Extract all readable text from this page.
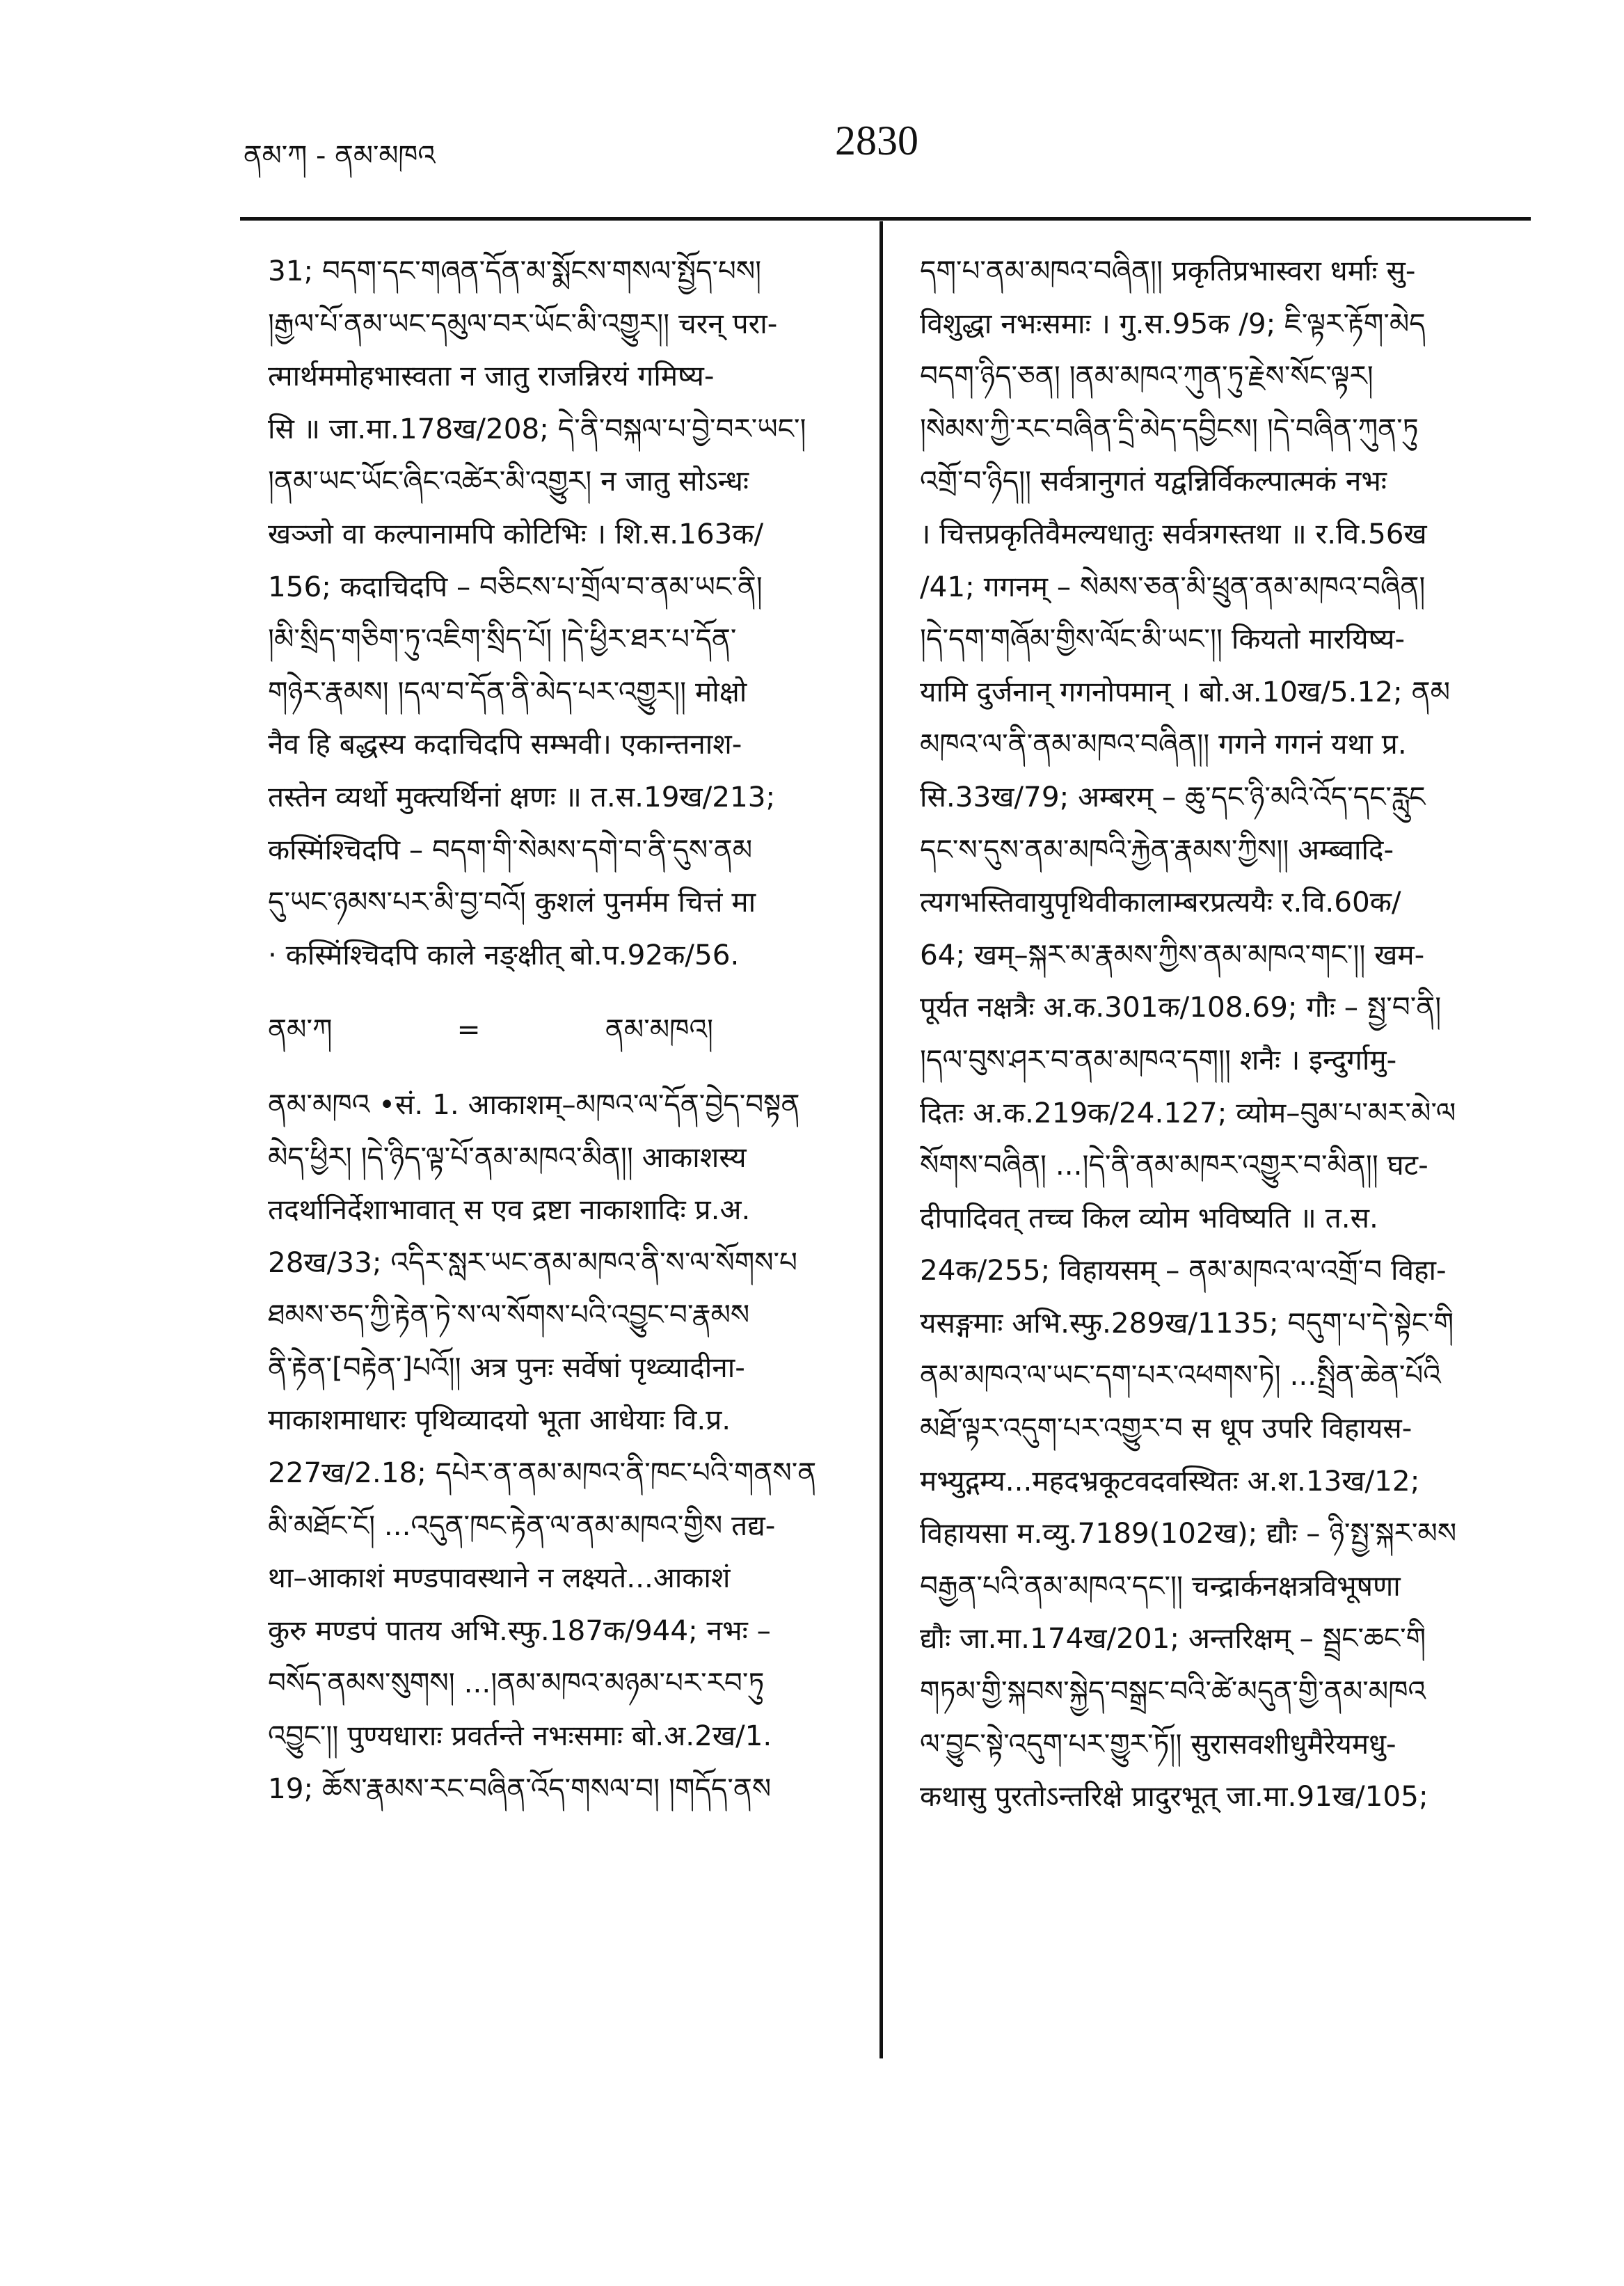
ནམ་ཀ - ནམ་མཁའ	2830
31; བདག་དང་གཞན་དོན་མ་སྨོངས་གསལ་སྤྱོད་པས།
།རྒྱལ་པོ་ནམ་ཡང་དམུལ་བར་ཡོང་མི་འགྱུར།། चरन् परा-
त्मार्थममोहभास्वता न जातु राजन्निरयं गमिष्य-
सि ॥ जा.मा.178ख/208; དེ་ནི་བསྐལ་པ་བྱེ་བར་ཡང་།
།ནམ་ཡང་ཡོང་ཞིང་འཚེར་མི་འགྱུར། न जातु सोऽन्धः
खञ्जो वा कल्पानामपि कोटिभिः । शि.स.163क/
156; कदाचिदपि – བཅིངས་པ་གྲོལ་བ་ནམ་ཡང་ནི།
།མི་སྲིད་གཅིག་ཏུ་འཇིག་སྲིད་པོ། །དེ་ཕྱིར་ཐར་པ་དོན་
གཉེར་རྣམས། །དལ་བ་དོན་ནི་མེད་པར་འགྱུར།། मोक्षो
नैव हि बद्धस्य कदाचिदपि सम्भवी। एकान्तनाश-
तस्तेन व्यर्थो मुक्त्यर्थिनां क्षणः ॥ त.स.19ख/213;
कस्मिंश्चिदपि – བདག་གི་སེམས་དགེ་བ་ནི་དུས་ནམ
དུ་ཡང་ཉམས་པར་མི་བྱ་བའོ། कुशलं पुनर्मम चित्तं मा
· कस्मिंश्चिदपि काले नङ्क्षीत् बो.प.92क/56.
ནམ་ཀ	=	ནམ་མཁའ།
ནམ་མཁའ •सं. 1. आकाशम्–མཁའ་ལ་དོན་བྱེད་བསྟན
མེད་ཕྱིར། །དེ་ཉིད་ལྟ་པོ་ནམ་མཁའ་མིན།། आकाशस्य
तदर्थानिर्देशाभावात् स एव द्रष्टा नाकाशादिः प्र.अ.
28ख/33; འདིར་སླར་ཡང་ནམ་མཁའ་ནི་ས་ལ་སོགས་པ
ཐམས་ཅད་ཀྱི་རྟེན་ཏེ་ས་ལ་སོགས་པའི་འབྱུང་བ་རྣམས
ནི་རྟེན་[བརྟེན་]པའོ།། अत्र पुनः सर्वेषां पृथ्व्यादीना-
माकाशमाधारः पृथिव्यादयो भूता आधेयाः वि.प्र.
227ख/2.18; དཔེར་ན་ནམ་མཁའ་ནི་ཁང་པའི་གནས་ན
མི་མཐོང་ངོ། ...འདུན་ཁང་རྟེན་ལ་ནམ་མཁའ་གྱིས तद्य-
था–आकाशं मण्डपावस्थाने न लक्ष्यते...आकाशं
कुरु मण्डपं पातय अभि.स्फु.187क/944; नभः –
བསོད་ནམས་སུགས། ...།ནམ་མཁའ་མཉམ་པར་རབ་ཏུ
འབྱུང་།། पुण्यधाराः प्रवर्तन्ते नभःसमाः बो.अ.2ख/1.
19; ཆོས་རྣམས་རང་བཞིན་འོད་གསལ་བ། །གདོད་ནས
དག་པ་ནམ་མཁའ་བཞིན།། प्रकृतिप्रभास्वरा धर्माः सु-
विशुद्धा नभःसमाः । गु.स.95क /9; ཇི་ལྟར་རྟོག་མེད
བདག་ཉིད་ཅན། །ནམ་མཁའ་ཀུན་ཏུ་རྗེས་སོང་ལྟར།
།སེམས་ཀྱི་རང་བཞིན་དྲི་མེད་དབྱིངས། །དེ་བཞིན་ཀུན་ཏུ
འགྲོ་བ་ཉིད།། सर्वत्रानुगतं यद्वन्निर्विकल्पात्मकं नभः
। चित्तप्रकृतिवैमल्यधातुः सर्वत्रगस्तथा ॥ र.वि.56ख
/41; गगनम् – སེམས་ཅན་མི་ཕྲུན་ནམ་མཁའ་བཞིན།
།དེ་དག་གཞོམ་གྱིས་ལོང་མི་ཡང་།། कियतो मारयिष्य-
यामि दुर्जनान् गगनोपमान् । बो.अ.10ख/5.12; ནམ
མཁའ་ལ་ནི་ནམ་མཁའ་བཞིན།། गगने गगनं यथा प्र.
सि.33ख/79; अम्बरम् – ཆུ་དང་ཉི་མའི་འོད་དང་རླུང
དང་ས་དུས་ནམ་མཁའི་རྐྱེན་རྣམས་ཀྱིས།། अम्ब्वादि-
त्यगभस्तिवायुपृथिवीकालाम्बरप्रत्ययैः र.वि.60क/
64; खम्–སྐར་མ་རྣམས་ཀྱིས་ནམ་མཁའ་གང་།། खम-
पूर्यत नक्षत्रैः अ.क.301क/108.69; गौः – སྤྱ་བ་ནི།
།དལ་བུས་ཤར་བ་ནམ་མཁའ་དག།། शनैः । इन्दुर्गामु-
दितः अ.क.219क/24.127; व्योम–བུམ་པ་མར་མེ་ལ
སོགས་བཞིན། ...།དེ་ནི་ནམ་མཁར་འགྱུར་བ་མིན།། घट-
दीपादिवत् तच्च किल व्योम भविष्यति ॥ त.स.
24क/255; विहायसम् – ནམ་མཁའ་ལ་འགྲོ་བ विहा-
यसङ्गमाः अभि.स्फु.289ख/1135; བདུག་པ་དེ་སྟེང་གི
ནམ་མཁའ་ལ་ཡང་དག་པར་འཕགས་ཏེ། ...སྤྲིན་ཆེན་པོའི
མཐོ་ལྟར་འདུག་པར་འགྱུར་བ स धूप उपरि विहायस-
मभ्युद्गम्य...महदभ्रकूटवदवस्थितः अ.श.13ख/12;
विहायसा म.व्यु.7189(102ख); द्यौः – ཉི་སྤྱ་སྐར་མས
བརྒྱན་པའི་ནམ་མཁའ་དང་།། चन्द्रार्कनक्षत्रविभूषणा
द्यौः जा.मा.174ख/201; अन्तरिक्षम् – སྦྲང་ཆང་གི
གཏམ་གྱི་སྐབས་སྐྱེད་བསྒྲང་བའི་ཚེ་མདུན་གྱི་ནམ་མཁའ
ལ་བྱུང་སྟེ་འདུག་པར་གྱུར་ཏོ།། सुरासवशीधुमैरेयमधु-
कथासु पुरतोऽन्तरिक्षे प्रादुरभूत् जा.मा.91ख/105;
